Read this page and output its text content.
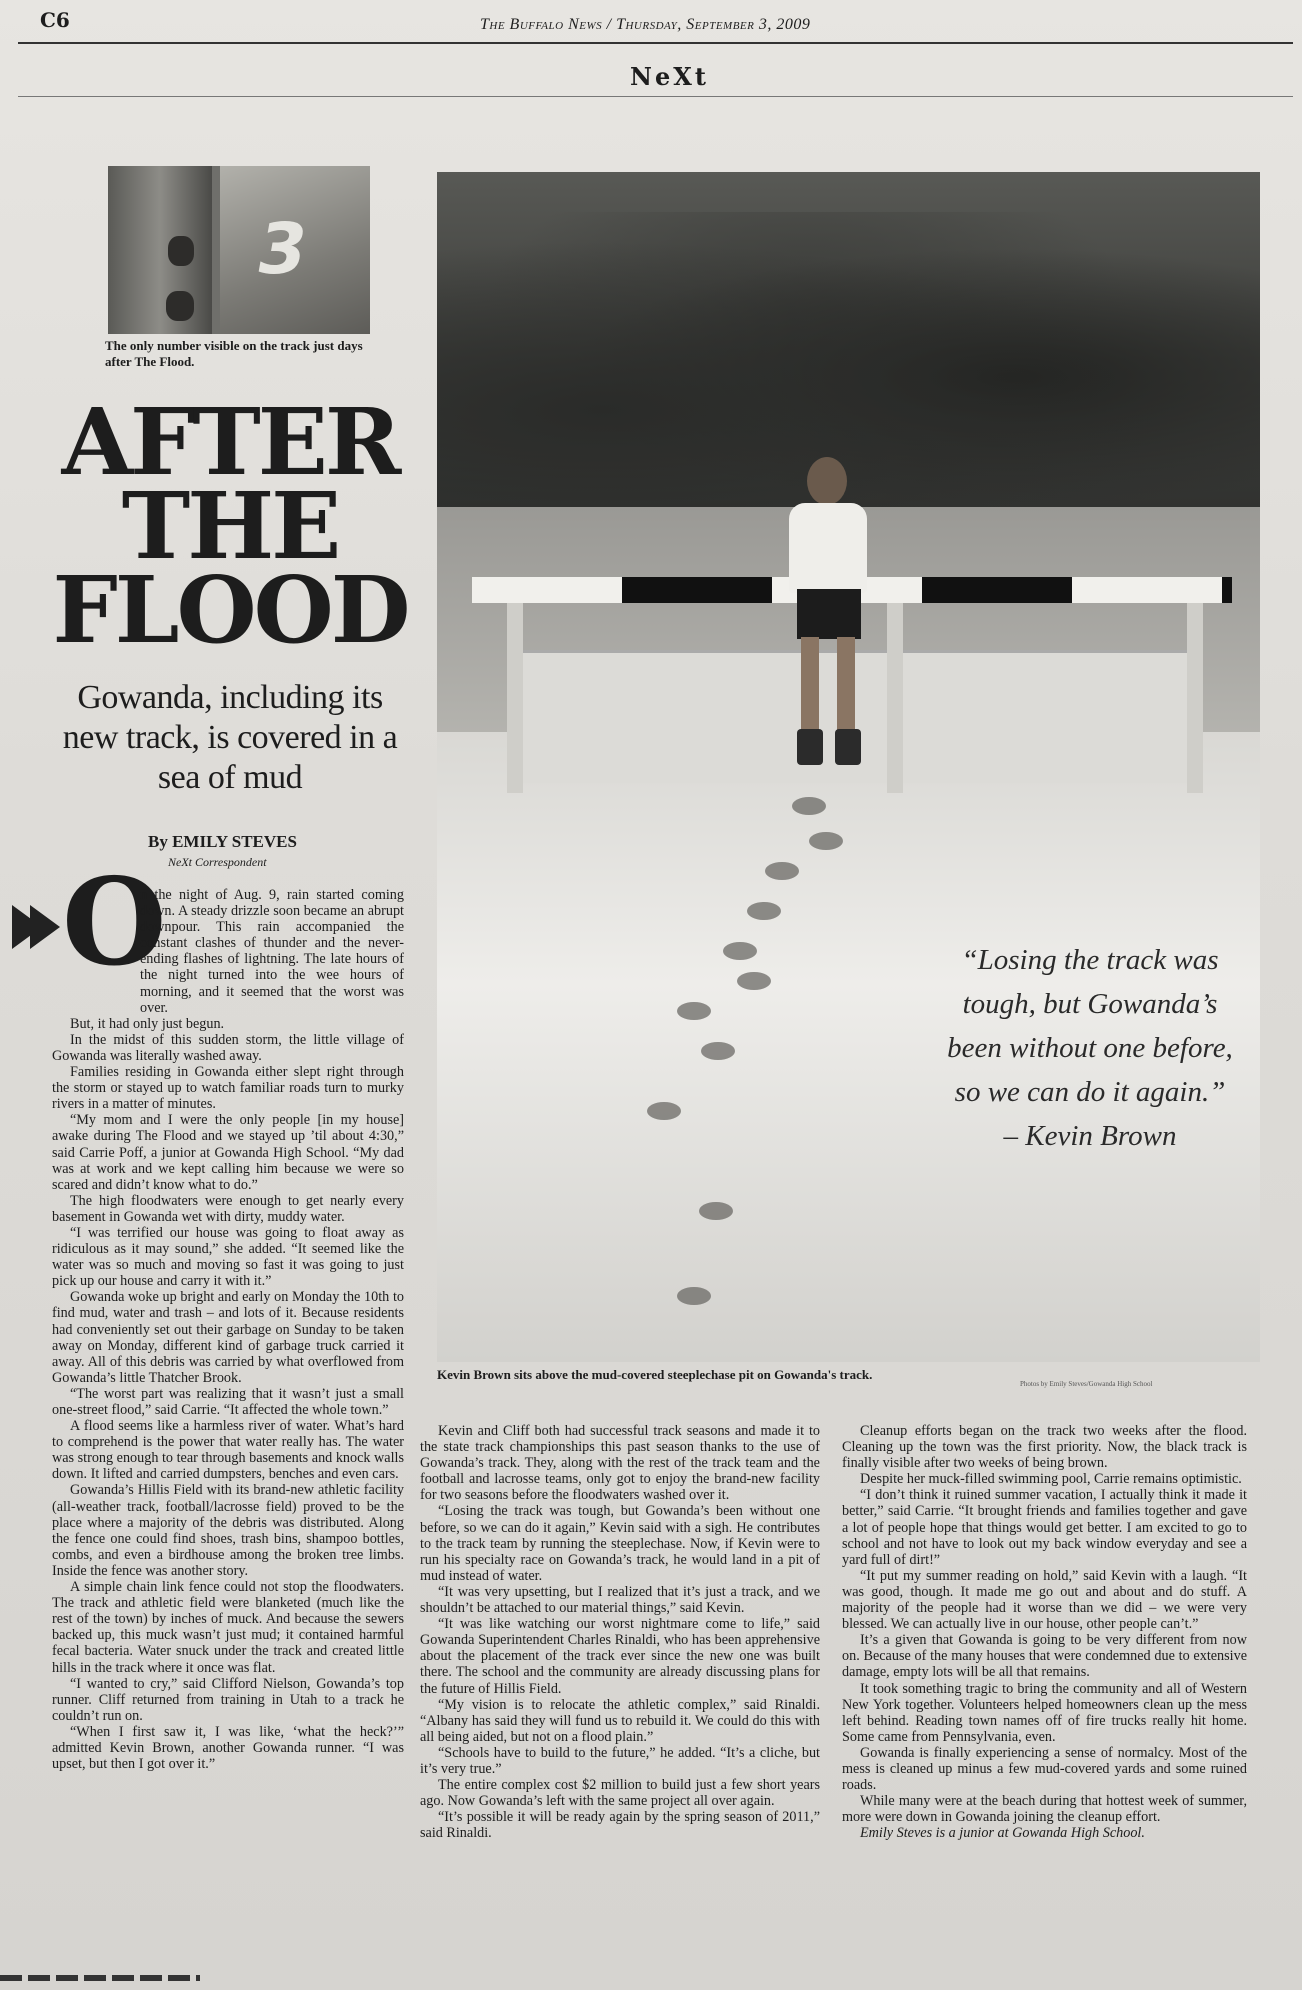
C6	The Buffalo News / Thursday, September 3, 2009
NeXt
3
The only number visible on the track just days after The Flood.
AFTER
THE
FLOOD
Gowanda, including its new track, is covered in a sea of mud
By EMILY STEVES
NeXt Correspondent
O

n the night of Aug. 9, rain started coming down. A steady drizzle soon became an abrupt downpour. This rain accompanied the constant clashes of thunder and the never-ending flashes of lightning. The late hours of the night turned into the wee hours of morning, and it seemed that the worst was over.

But, it had only just begun.

In the midst of this sudden storm, the little village of Gowanda was literally washed away.

Families residing in Gowanda either slept right through the storm or stayed up to watch familiar roads turn to murky rivers in a matter of minutes.

“My mom and I were the only people [in my house] awake during The Flood and we stayed up ’til about 4:30,” said Carrie Poff, a junior at Gowanda High School. “My dad was at work and we kept calling him because we were so scared and didn’t know what to do.”

The high floodwaters were enough to get nearly every basement in Gowanda wet with dirty, muddy water.

“I was terrified our house was going to float away as ridiculous as it may sound,” she added. “It seemed like the water was so much and moving so fast it was going to just pick up our house and carry it with it.”

Gowanda woke up bright and early on Monday the 10th to find mud, water and trash – and lots of it. Because residents had conveniently set out their garbage on Sunday to be taken away on Monday, different kind of garbage truck carried it away. All of this debris was carried by what overflowed from Gowanda’s little Thatcher Brook.

“The worst part was realizing that it wasn’t just a small one-street flood,” said Carrie. “It affected the whole town.”

A flood seems like a harmless river of water. What’s hard to comprehend is the power that water really has. The water was strong enough to tear through basements and knock walls down. It lifted and carried dumpsters, benches and even cars.

Gowanda’s Hillis Field with its brand-new athletic facility (all-weather track, football/lacrosse field) proved to be the place where a majority of the debris was distributed. Along the fence one could find shoes, trash bins, shampoo bottles, combs, and even a birdhouse among the broken tree limbs. Inside the fence was another story.

A simple chain link fence could not stop the floodwaters. The track and athletic field were blanketed (much like the rest of the town) by inches of muck. And because the sewers backed up, this muck wasn’t just mud; it contained harmful fecal bacteria. Water snuck under the track and created little hills in the track where it once was flat.

“I wanted to cry,” said Clifford Nielson, Gowanda’s top runner. Cliff returned from training in Utah to a track he couldn’t run on.

“When I first saw it, I was like, ‘what the heck?’” admitted Kevin Brown, another Gowanda runner. “I was upset, but then I got over it.”

“Losing the track was tough, but Gowanda’s been without one before, so we can do it again.”
– Kevin Brown
Kevin Brown sits above the mud-covered steeplechase pit on Gowanda's track.
Photos by Emily Steves/Gowanda High School

Kevin and Cliff both had successful track seasons and made it to the state track championships this past season thanks to the use of Gowanda’s track. They, along with the rest of the track team and the football and lacrosse teams, only got to enjoy the brand-new facility for two seasons before the floodwaters washed over it.

“Losing the track was tough, but Gowanda’s been without one before, so we can do it again,” Kevin said with a sigh. He contributes to the track team by running the steeplechase. Now, if Kevin were to run his specialty race on Gowanda’s track, he would land in a pit of mud instead of water.

“It was very upsetting, but I realized that it’s just a track, and we shouldn’t be attached to our material things,” said Kevin.

“It was like watching our worst nightmare come to life,” said Gowanda Superintendent Charles Rinaldi, who has been apprehensive about the placement of the track ever since the new one was built there. The school and the community are already discussing plans for the future of Hillis Field.

“My vision is to relocate the athletic complex,” said Rinaldi. “Albany has said they will fund us to rebuild it. We could do this with all being aided, but not on a flood plain.”

“Schools have to build to the future,” he added. “It’s a cliche, but it’s very true.”

The entire complex cost $2 million to build just a few short years ago. Now Gowanda’s left with the same project all over again.

“It’s possible it will be ready again by the spring season of 2011,” said Rinaldi.

Cleanup efforts began on the track two weeks after the flood. Cleaning up the town was the first priority. Now, the black track is finally visible after two weeks of being brown.

Despite her muck-filled swimming pool, Carrie remains optimistic.

“I don’t think it ruined summer vacation, I actually think it made it better,” said Carrie. “It brought friends and families together and gave a lot of people hope that things would get better. I am excited to go to school and not have to look out my back window everyday and see a yard full of dirt!”

“It put my summer reading on hold,” said Kevin with a laugh. “It was good, though. It made me go out and about and do stuff. A majority of the people had it worse than we did – we were very blessed. We can actually live in our house, other people can’t.”

It’s a given that Gowanda is going to be very different from now on. Because of the many houses that were condemned due to extensive damage, empty lots will be all that remains.

It took something tragic to bring the community and all of Western New York together. Volunteers helped homeowners clean up the mess left behind. Reading town names off of fire trucks really hit home. Some came from Pennsylvania, even.

Gowanda is finally experiencing a sense of normalcy. Most of the mess is cleaned up minus a few mud-covered yards and some ruined roads.

While many were at the beach during that hottest week of summer, more were down in Gowanda joining the cleanup effort.

Emily Steves is a junior at Gowanda High School.
